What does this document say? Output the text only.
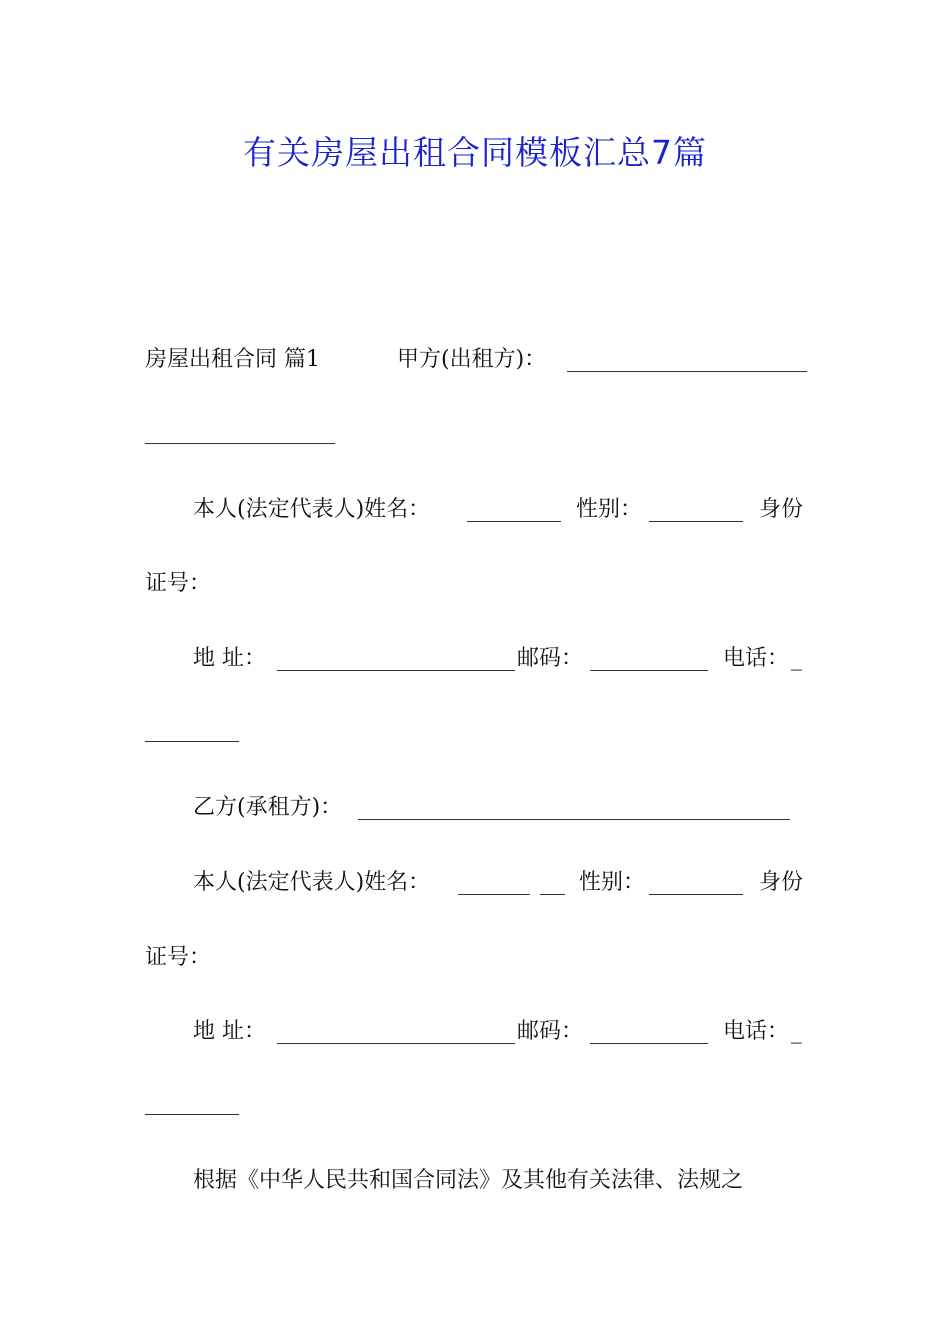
有关房屋出租合同模板汇总7篇
房屋出租合同 篇1	甲方(出租方)：
本人(法定代表人)姓名：	性别：	身份
证号：
地 址：	邮码：	电话： _
乙方(承租方)：
本人(法定代表人)姓名：	性别：	身份
证号：
地 址：	邮码：	电话： _
根据《中华人民共和国合同法》及其他有关法律、法规之
